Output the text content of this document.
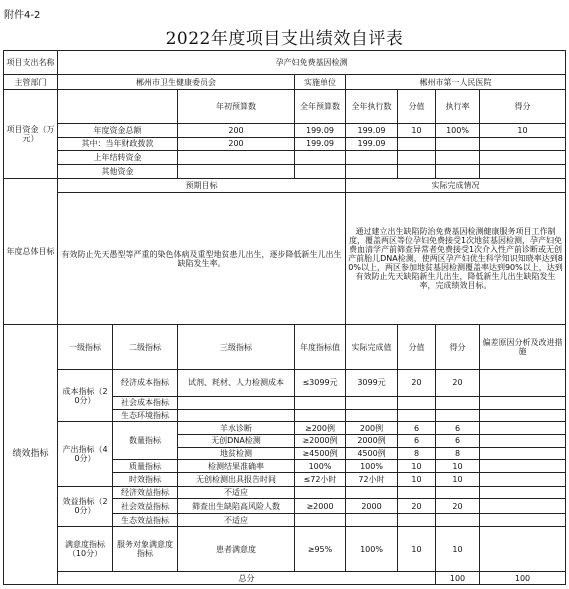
附件4-2
2022年度项目支出绩效自评表
项目支出名称	孕产妇免费基因检测								
主管部门	郴州市卫生健康委员会			实施单位	郴州市第一人民医院				
项目资金（万元）			年初预算数	全年预算数	全年执行数	分值	执行率	得分	
	年度资金总额		200	199.09	199.09	10	100%	10	
	其中：当年财政拨款		200	199.09	199.09				
	上年结转资金								
	其他资金								
年度总体目标	预期目标				实际完成情况				
	有效防止先天愚型等严重的染色体病及重型地贫患儿出生，逐步降低新生儿出生缺陷发生率。				通过建立出生缺陷防治免费基因检测健康服务项目工作制度，覆盖两区等位孕妇免费接受1次地贫基因检测，孕产妇免费血清学产前筛查异常者免费接受1次介入性产前诊断或无创产前胎儿DNA检测，使两区孕产妇优生科学知识知晓率达到80%以上，两区参加地贫基因检测覆盖率达到90%以上，达到有效防止先天缺陷新生儿出生，降低新生儿出生缺陷发生率，完成绩效目标。				
绩效指标	一级指标	二级指标	三级指标	年度指标值	实际完成值	分值	得分	偏差原因分析及改进措施	
	成本指标（20分）	经济成本指标	试剂、耗材、人力检测成本	≤3099元	3099元	20	20		
		社会成本指标							
		生态环境指标							
	产出指标（40分）	数量指标	羊水诊断	≥200例	200例	6	6		
			无创DNA检测	≥2000例	2000例	6	6		
			地贫检测	≥4500例	4500例	8	8		
		质量指标	检测结果准确率	100%	100%	10	10		
		时效指标	无创检测出具报告时间	≤72小时	72小时	10	10		
	效益指标（20分）	经济效益指标	不适应						
		社会效益指标	筛查出生缺陷高风险人数	≥2000	2000	20	20		
		生态效益指标	不适应						
	满意度指标（10分）	服务对象满意度指标	患者满意度	≥95%	100%	10	10		
	总分						100	100	
